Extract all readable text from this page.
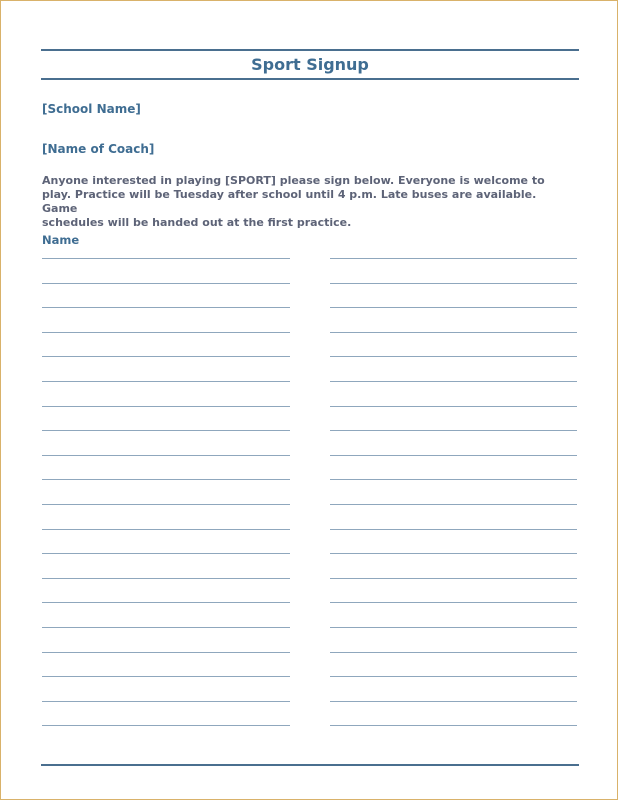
Sport Signup
[School Name]
[Name of Coach]
Anyone interested in playing [SPORT] please sign below. Everyone is welcome to
play. Practice will be Tuesday after school until 4 p.m. Late buses are available. Game
schedules will be handed out at the first practice.
Name
